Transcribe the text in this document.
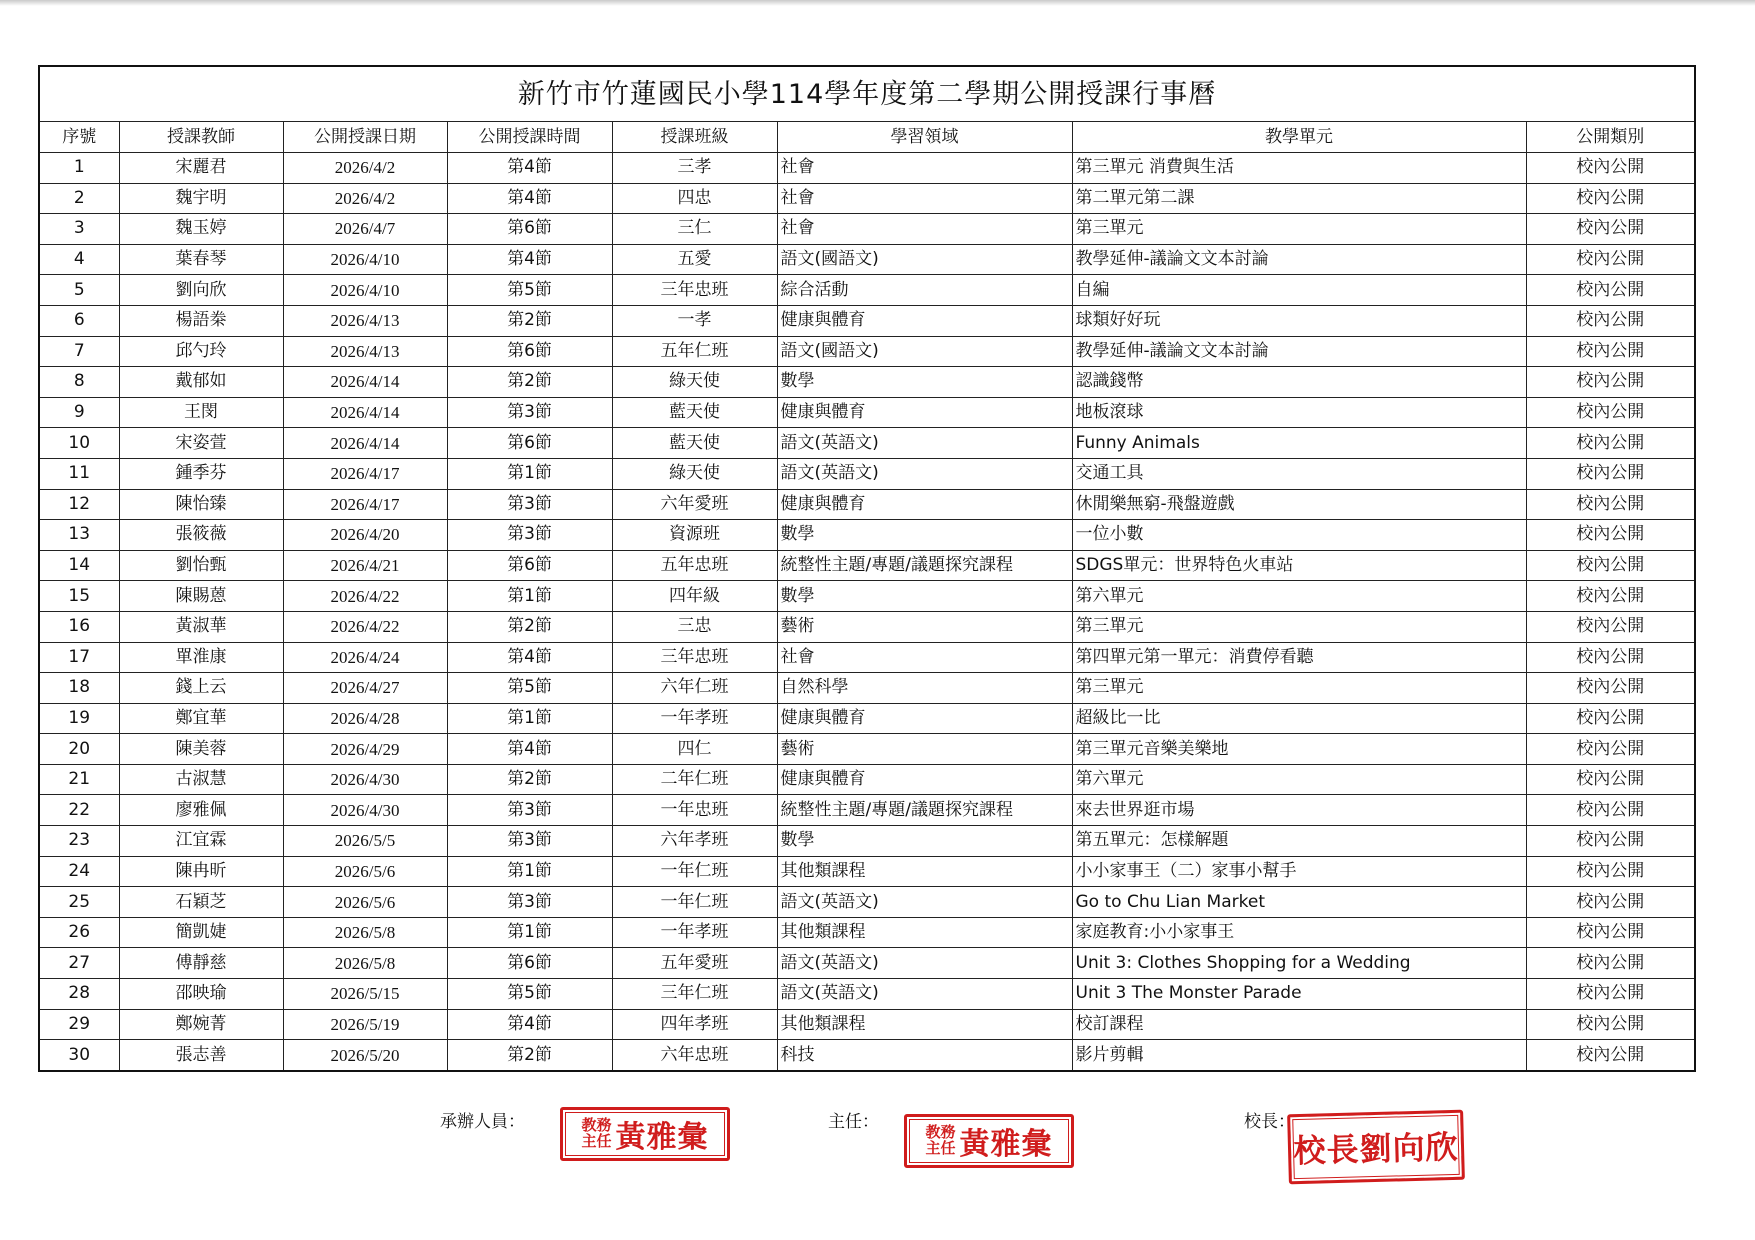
新竹市竹蓮國民小學114學年度第二學期公開授課行事曆							
序號	授課教師	公開授課日期	公開授課時間	授課班級	學習領域	教學單元	公開類別
1	宋麗君	2026/4/2	第4節	三孝	社會	第三單元 消費與生活	校內公開
2	魏宇明	2026/4/2	第4節	四忠	社會	第二單元第二課	校內公開
3	魏玉婷	2026/4/7	第6節	三仁	社會	第三單元	校內公開
4	葉春琴	2026/4/10	第4節	五愛	語文(國語文)	教學延伸-議論文文本討論	校內公開
5	劉向欣	2026/4/10	第5節	三年忠班	綜合活動	自編	校內公開
6	楊語桊	2026/4/13	第2節	一孝	健康與體育	球類好好玩	校內公開
7	邱勺玲	2026/4/13	第6節	五年仁班	語文(國語文)	教學延伸-議論文文本討論	校內公開
8	戴郁如	2026/4/14	第2節	綠天使	數學	認識錢幣	校內公開
9	王閔	2026/4/14	第3節	藍天使	健康與體育	地板滾球	校內公開
10	宋姿萱	2026/4/14	第6節	藍天使	語文(英語文)	Funny Animals	校內公開
11	鍾季芬	2026/4/17	第1節	綠天使	語文(英語文)	交通工具	校內公開
12	陳怡臻	2026/4/17	第3節	六年愛班	健康與體育	休閒樂無窮-飛盤遊戲	校內公開
13	張筱薇	2026/4/20	第3節	資源班	數學	一位小數	校內公開
14	劉怡甄	2026/4/21	第6節	五年忠班	統整性主題/專題/議題探究課程	SDGS單元：世界特色火車站	校內公開
15	陳賜蒽	2026/4/22	第1節	四年級	數學	第六單元	校內公開
16	黃淑華	2026/4/22	第2節	三忠	藝術	第三單元	校內公開
17	單淮康	2026/4/24	第4節	三年忠班	社會	第四單元第一單元：消費停看聽	校內公開
18	錢上云	2026/4/27	第5節	六年仁班	自然科學	第三單元	校內公開
19	鄭宜華	2026/4/28	第1節	一年孝班	健康與體育	超級比一比	校內公開
20	陳美蓉	2026/4/29	第4節	四仁	藝術	第三單元音樂美樂地	校內公開
21	古淑慧	2026/4/30	第2節	二年仁班	健康與體育	第六單元	校內公開
22	廖雅佩	2026/4/30	第3節	一年忠班	統整性主題/專題/議題探究課程	來去世界逛市場	校內公開
23	江宜霖	2026/5/5	第3節	六年孝班	數學	第五單元：怎樣解題	校內公開
24	陳冉昕	2026/5/6	第1節	一年仁班	其他類課程	小小家事王（二）家事小幫手	校內公開
25	石穎芝	2026/5/6	第3節	一年仁班	語文(英語文)	Go to Chu Lian Market	校內公開
26	簡凱婕	2026/5/8	第1節	一年孝班	其他類課程	家庭教育:小小家事王	校內公開
27	傅靜慈	2026/5/8	第6節	五年愛班	語文(英語文)	Unit 3: Clothes Shopping for a Wedding	校內公開
28	邵映瑜	2026/5/15	第5節	三年仁班	語文(英語文)	Unit 3 The Monster Parade	校內公開
29	鄭婉菁	2026/5/19	第4節	四年孝班	其他類課程	校訂課程	校內公開
30	張志善	2026/5/20	第2節	六年忠班	科技	影片剪輯	校內公開
承辦人員：	教務
主任 黃雅彙	主任：
教務
主任 黃雅彙
校長：
校長劉向欣
